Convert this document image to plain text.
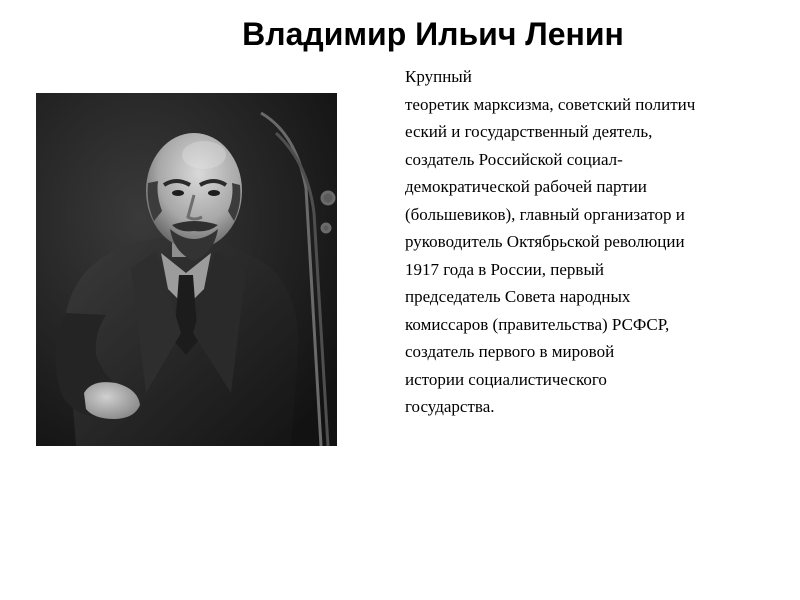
Владимир Ильич Ленин
Крупный
теоретик марксизма, советский политич
еский и государственный деятель,
создатель Российской социал-
демократической рабочей партии
(большевиков), главный организатор и
руководитель Октябрьской революции
1917 года в России, первый
председатель Совета народных
комиссаров (правительства) РСФСР,
создатель первого в мировой
истории социалистического
государства.
